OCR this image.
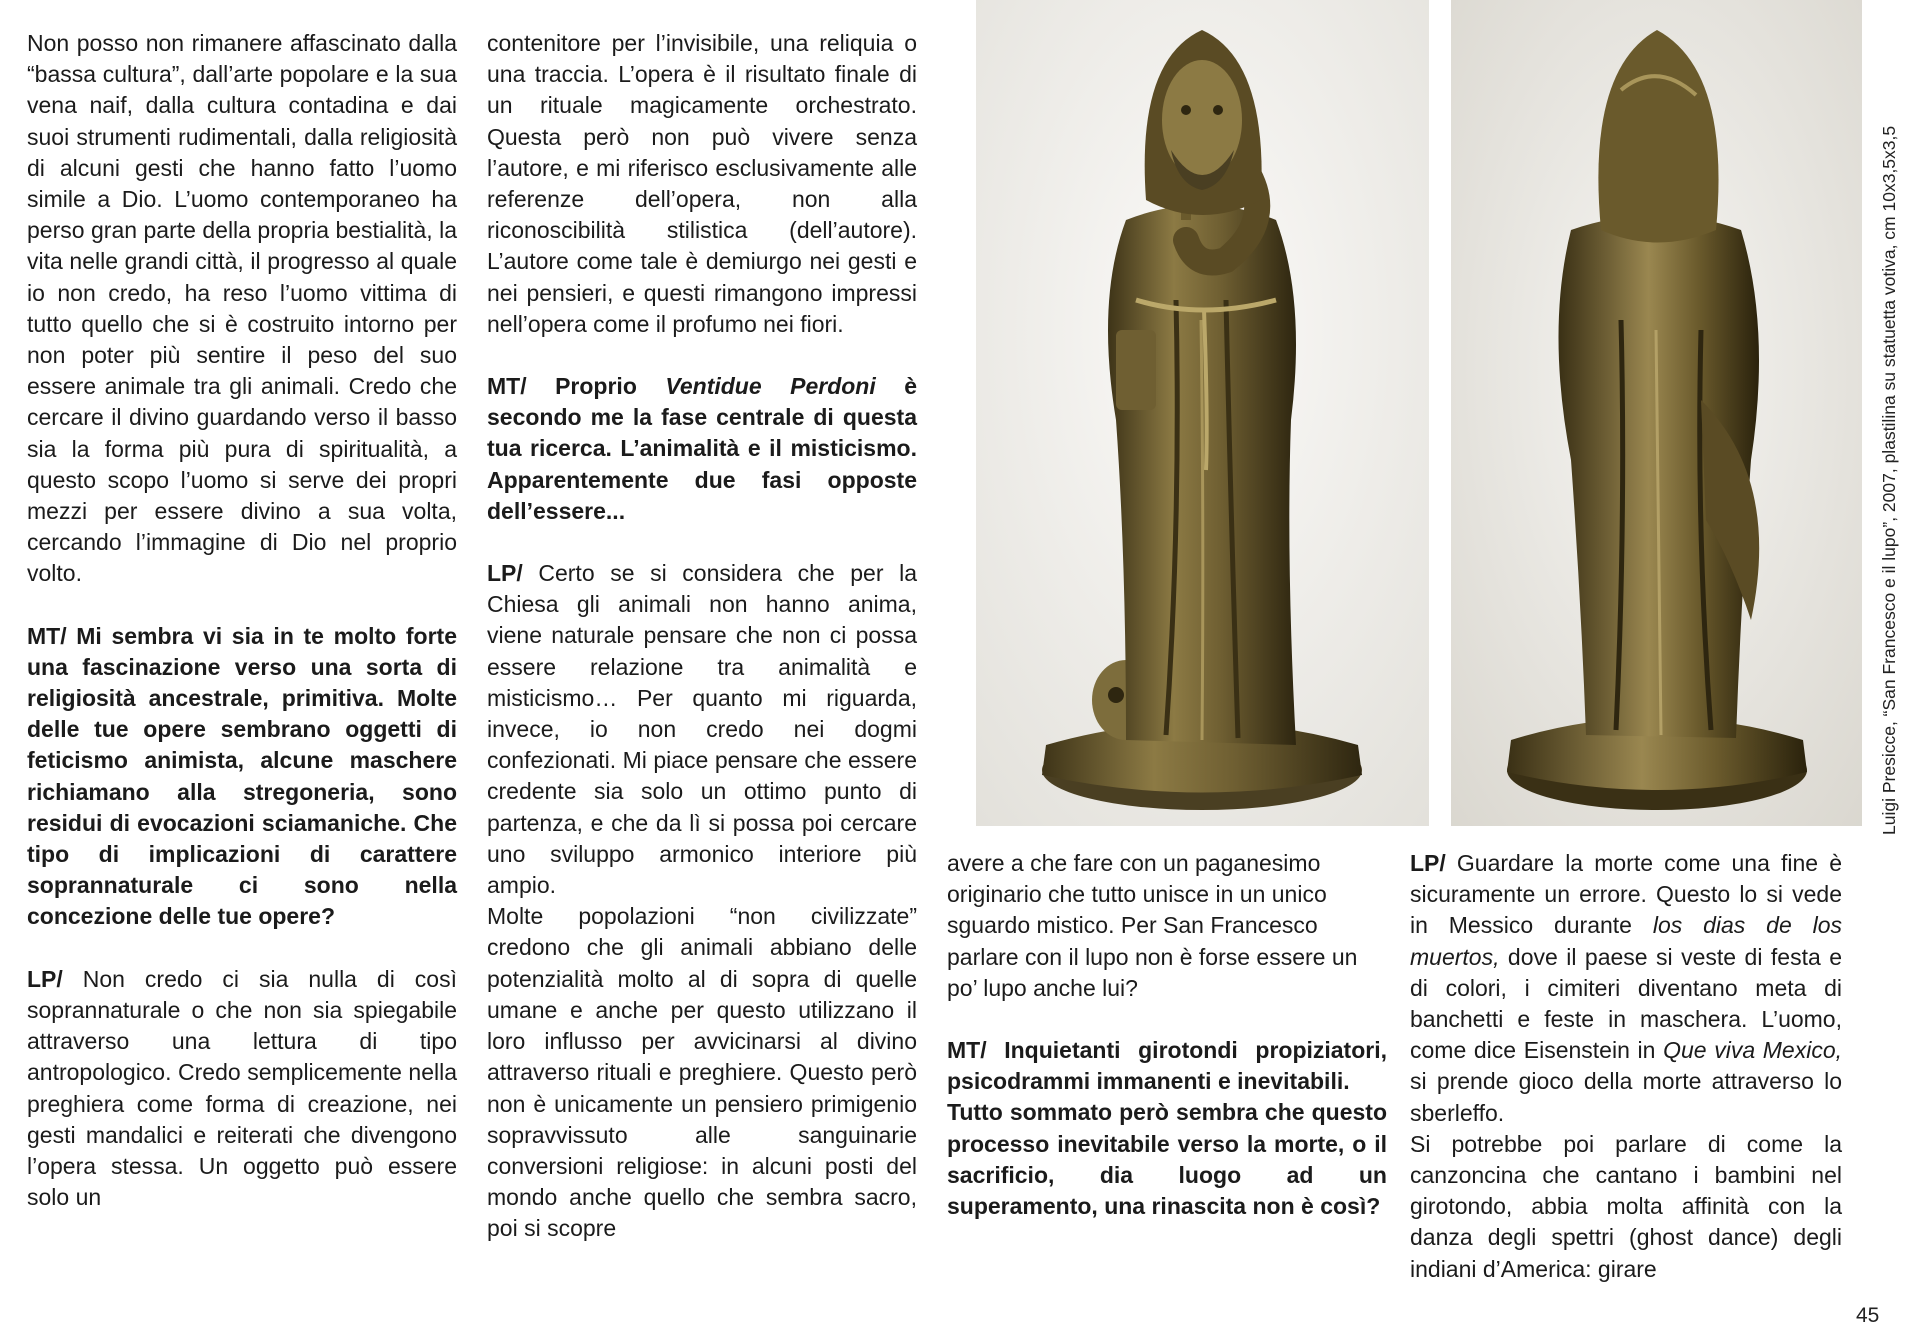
Non posso non rimanere affascinato dalla “bassa cultura”, dall’arte popolare e la sua vena naif, dalla cultura contadina e dai suoi strumenti rudimentali, dalla religiosità di alcuni gesti che hanno fatto l’uomo simile a Dio. L’uomo contemporaneo ha perso gran parte della propria bestialità, la vita nelle grandi città, il progresso al quale io non credo, ha reso l’uomo vittima di tutto quello che si è costruito intorno per non poter più sentire il peso del suo essere animale tra gli animali. Credo che cercare il divino guardando verso il basso sia la forma più pura di spiritualità, a questo scopo l’uomo si serve dei propri mezzi per essere divino a sua volta, cercando l’immagine di Dio nel proprio volto.

MT/ Mi sembra vi sia in te molto forte una fascinazione verso una sorta di religiosità ancestrale, primitiva. Molte delle tue opere sembrano oggetti di feticismo animista, alcune maschere richiamano alla stregoneria, sono residui di evocazioni sciamaniche. Che tipo di implicazioni di carattere soprannaturale ci sono nella concezione delle tue opere?

LP/ Non credo ci sia nulla di così soprannaturale o che non sia spiegabile attraverso una lettura di tipo antropologico. Credo semplicemente nella preghiera come forma di creazione, nei gesti mandalici e reiterati che divengono l’opera stessa. Un oggetto può essere solo un

contenitore per l’invisibile, una reliquia o una traccia. L’opera è il risultato finale di un rituale magicamente orchestrato. Questa però non può vivere senza l’autore, e mi riferisco esclusivamente alle referenze dell’opera, non alla riconoscibilità stilistica (dell’autore). L’autore come tale è demiurgo nei gesti e nei pensieri, e questi rimangono impressi nell’opera come il profumo nei fiori.

MT/ Proprio Ventidue Perdoni è secondo me la fase centrale di questa tua ricerca. L’animalità e il misticismo. Apparentemente due fasi opposte dell’essere...

LP/ Certo se si considera che per la Chiesa gli animali non hanno anima, viene naturale pensare che non ci possa essere relazione tra animalità e misticismo… Per quanto mi riguarda, invece, io non credo nei dogmi confezionati. Mi piace pensare che essere credente sia solo un ottimo punto di partenza, e che da lì si possa poi cercare uno sviluppo armonico interiore più ampio.

Molte popolazioni “non civilizzate” credono che gli animali abbiano delle potenzialità molto al di sopra di quelle umane e anche per questo utilizzano il loro influsso per avvicinarsi al divino attraverso rituali e preghiere. Questo però non è unicamente un pensiero primigenio sopravvissuto alle sanguinarie conversioni religiose: in alcuni posti del mondo anche quello che sembra sacro, poi si scopre

avere a che fare con un paganesimo originario che tutto unisce in un unico sguardo mistico. Per San Francesco parlare con il lupo non è forse essere un po’ lupo anche lui?

MT/ Inquietanti girotondi propiziatori, psicodrammi immanenti e inevitabili.

Tutto sommato però sembra che questo processo inevitabile verso la morte, o il sacrificio, dia luogo ad un superamento, una rinascita non è così?

LP/ Guardare la morte come una fine è sicuramente un errore. Questo lo si vede in Messico durante los dias de los muertos, dove il paese si veste di festa e di colori, i cimiteri diventano meta di banchetti e feste in maschera. L’uomo, come dice Eisenstein in Que viva Mexico, si prende gioco della morte attraverso lo sberleffo.

Si potrebbe poi parlare di come la canzoncina che cantano i bambini nel girotondo, abbia molta affinità con la danza degli spettri (ghost dance) degli indiani d’America: girare

Luigi Presicce, “San Francesco e il lupo”, 2007, plastilina su statuetta votiva, cm 10x3,5x3,5
45
